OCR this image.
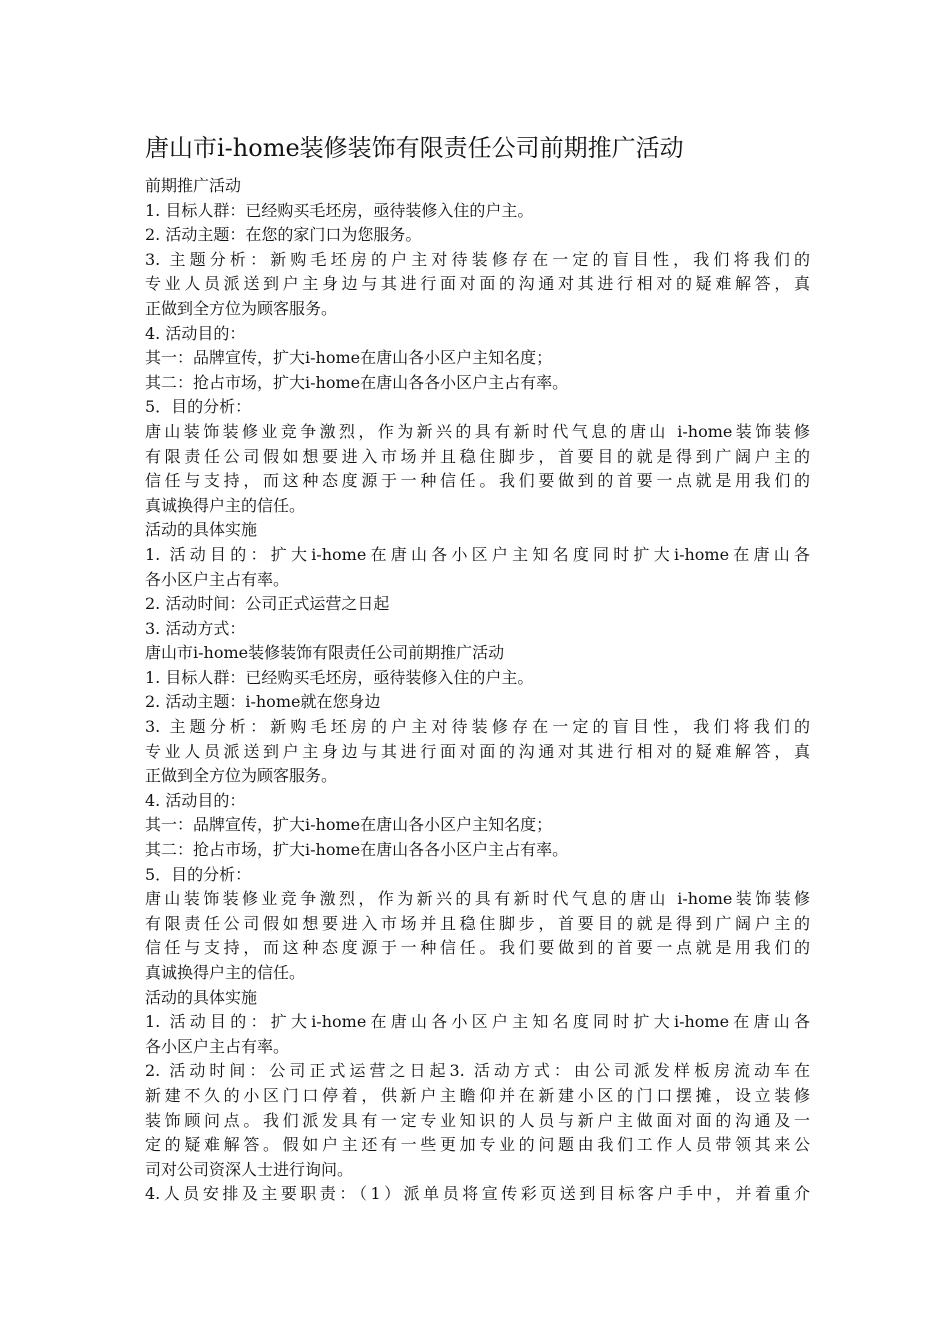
唐山市i-home装修装饰有限责任公司前期推广活动
前期推广活动
1. 目标人群：已经购买毛坯房，亟待装修入住的户主。
2. 活动主题：在您的家门口为您服务。
3. 主题分析：新购毛坯房的户主对待装修存在一定的盲目性，我们将我们的
专业人员派送到户主身边与其进行面对面的沟通对其进行相对的疑难解答，真
正做到全方位为顾客服务。
4. 活动目的：
其一：品牌宣传，扩大i-home在唐山各小区户主知名度；
其二：抢占市场，扩大i-home在唐山各各小区户主占有率。
5．目的分析：
唐山装饰装修业竞争激烈，作为新兴的具有新时代气息的唐山 i-home装饰装修
有限责任公司假如想要进入市场并且稳住脚步，首要目的就是得到广阔户主的
信任与支持，而这种态度源于一种信任。我们要做到的首要一点就是用我们的
真诚换得户主的信任。
活动的具体实施
1. 活动目的：扩大i-home在唐山各小区户主知名度同时扩大i-home在唐山各
各小区户主占有率。
2. 活动时间：公司正式运营之日起
3. 活动方式：
唐山市i-home装修装饰有限责任公司前期推广活动
1. 目标人群：已经购买毛坯房，亟待装修入住的户主。
2. 活动主题：i-home就在您身边
3. 主题分析：新购毛坯房的户主对待装修存在一定的盲目性，我们将我们的
专业人员派送到户主身边与其进行面对面的沟通对其进行相对的疑难解答，真
正做到全方位为顾客服务。
4. 活动目的：
其一：品牌宣传，扩大i-home在唐山各小区户主知名度；
其二：抢占市场，扩大i-home在唐山各各小区户主占有率。
5．目的分析：
唐山装饰装修业竞争激烈，作为新兴的具有新时代气息的唐山 i-home装饰装修
有限责任公司假如想要进入市场并且稳住脚步，首要目的就是得到广阔户主的
信任与支持，而这种态度源于一种信任。我们要做到的首要一点就是用我们的
真诚换得户主的信任。
活动的具体实施
1. 活动目的：扩大i-home在唐山各小区户主知名度同时扩大i-home在唐山各
各小区户主占有率。
2. 活动时间：公司正式运营之日起3. 活动方式：由公司派发样板房流动车在
新建不久的小区门口停着，供新户主瞻仰并在新建小区的门口摆摊，设立装修
装饰顾问点。我们派发具有一定专业知识的人员与新户主做面对面的沟通及一
定的疑难解答。假如户主还有一些更加专业的问题由我们工作人员带领其来公
司对公司资深人士进行询问。
4.人员安排及主要职责：（1）派单员将宣传彩页送到目标客户手中，并着重介
